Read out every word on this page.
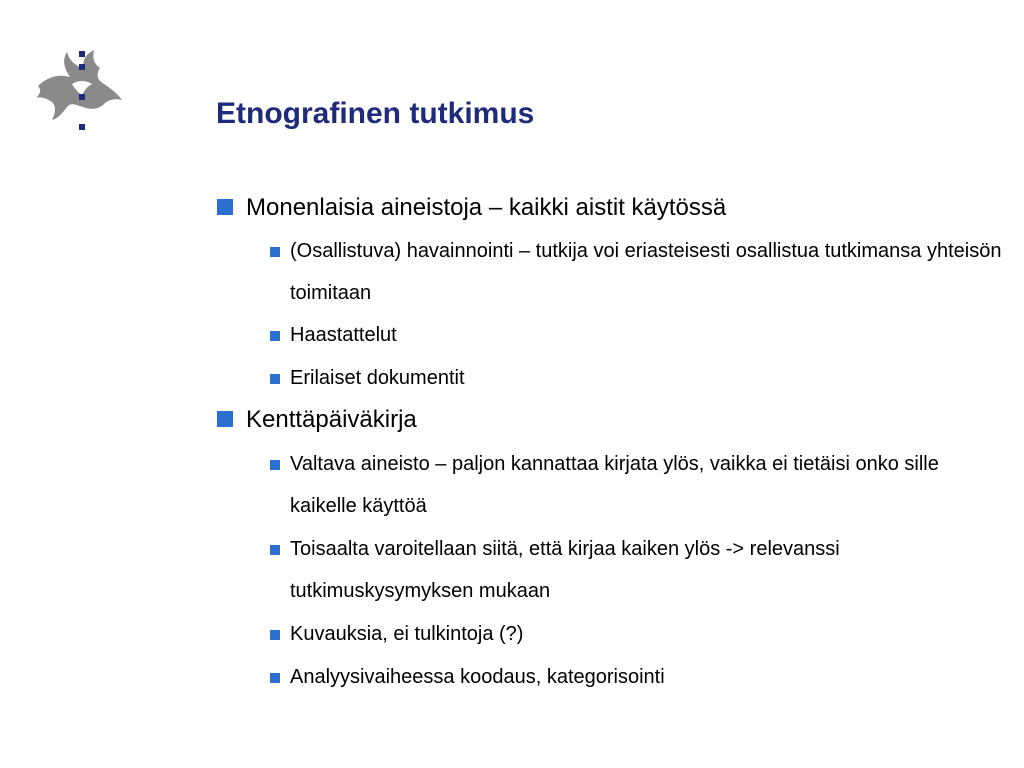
Etnografinen tutkimus
Monenlaisia aineistoja – kaikki aistit käytössä
(Osallistuva) havainnointi – tutkija voi eriasteisesti osallistua tutkimansa yhteisön toimitaan
Haastattelut
Erilaiset dokumentit
Kenttäpäiväkirja
Valtava aineisto – paljon kannattaa kirjata ylös, vaikka ei tietäisi onko sille kaikelle käyttöä
Toisaalta varoitellaan siitä, että kirjaa kaiken ylös -> relevanssi tutkimuskysymyksen mukaan
Kuvauksia, ei tulkintoja (?)
Analyysivaiheessa koodaus, kategorisointi
